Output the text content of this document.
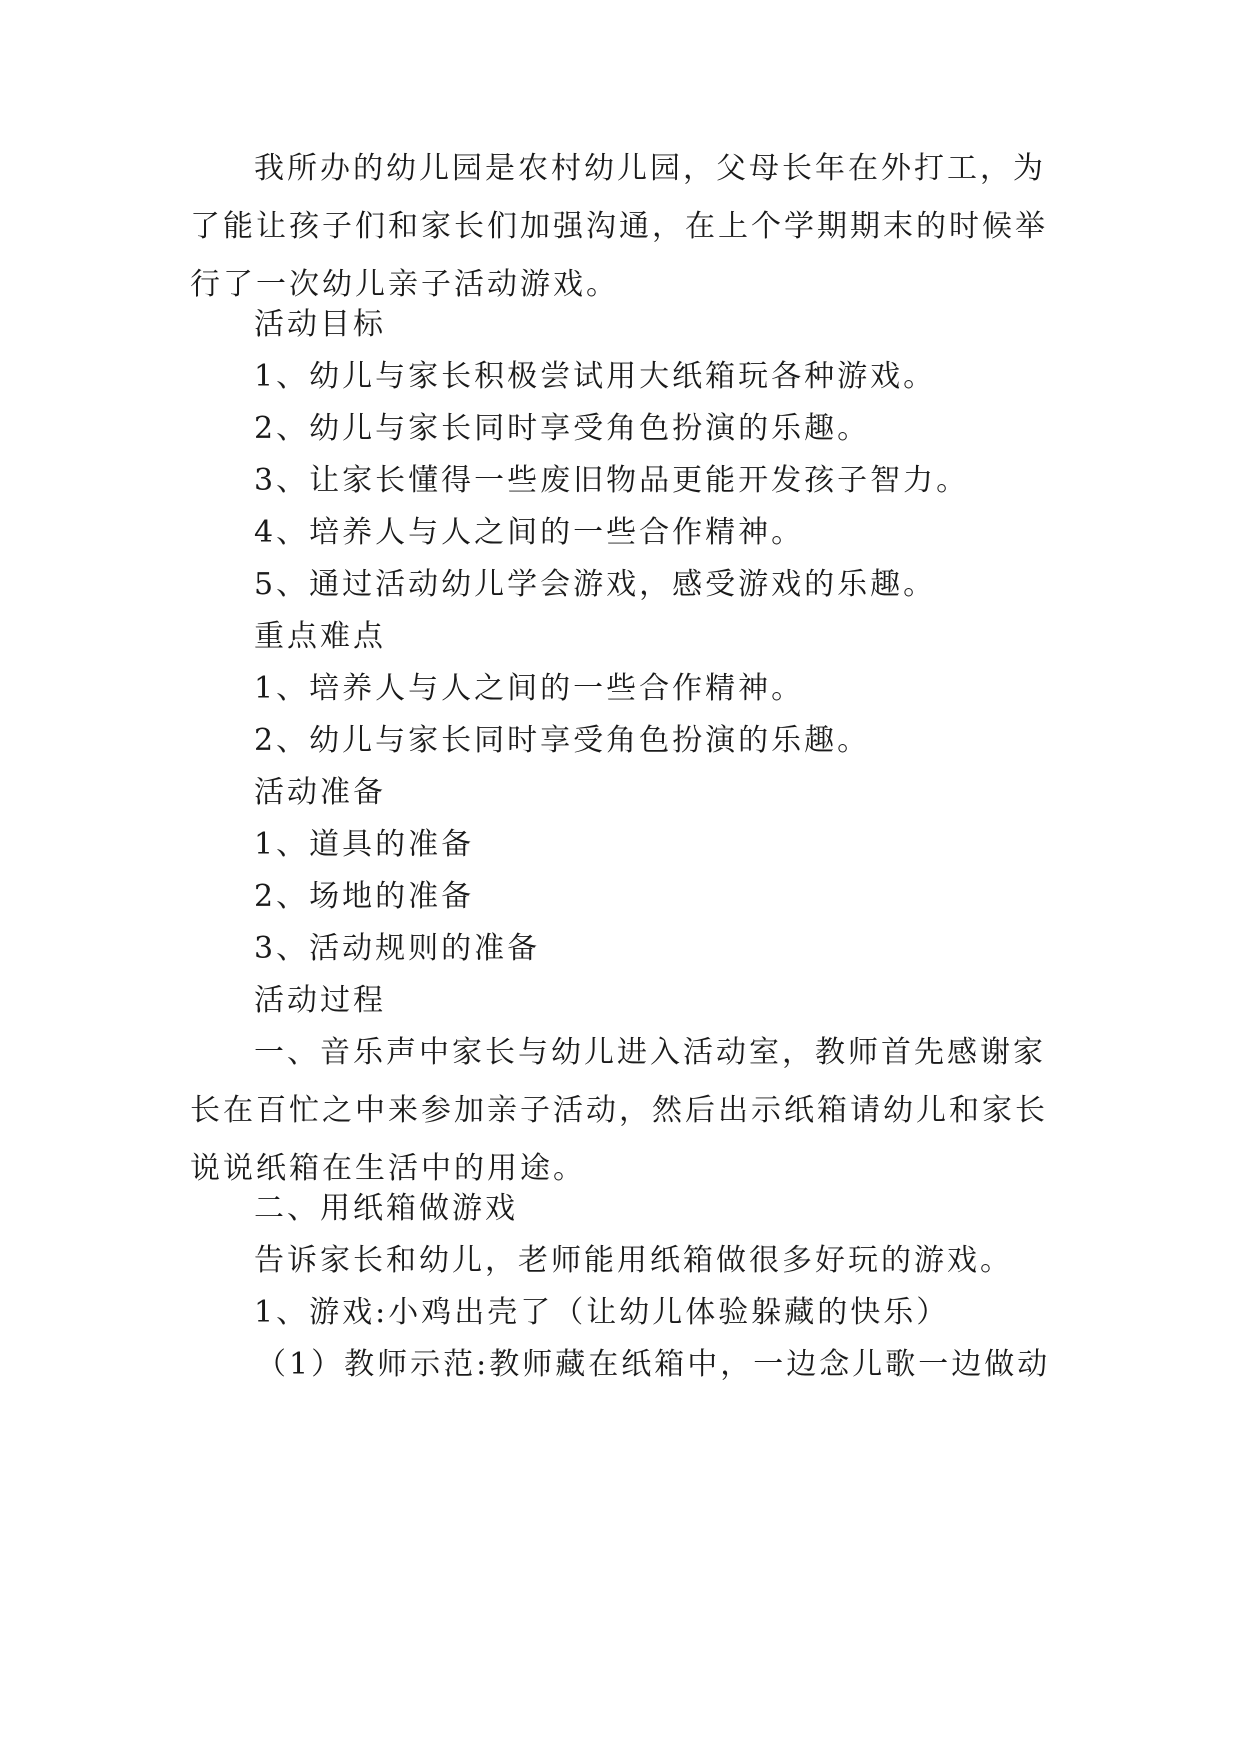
我所办的幼儿园是农村幼儿园，父母长年在外打工，为了能让孩子们和家长们加强沟通，在上个学期期末的时候举行了一次幼儿亲子活动游戏。

活动目标

1、幼儿与家长积极尝试用大纸箱玩各种游戏。

2、幼儿与家长同时享受角色扮演的乐趣。

3、让家长懂得一些废旧物品更能开发孩子智力。

4、培养人与人之间的一些合作精神。

5、通过活动幼儿学会游戏，感受游戏的乐趣。

重点难点

1、培养人与人之间的一些合作精神。

2、幼儿与家长同时享受角色扮演的乐趣。

活动准备

1、道具的准备

2、场地的准备

3、活动规则的准备

活动过程

一、音乐声中家长与幼儿进入活动室，教师首先感谢家长在百忙之中来参加亲子活动，然后出示纸箱请幼儿和家长说说纸箱在生活中的用途。

二、用纸箱做游戏

告诉家长和幼儿，老师能用纸箱做很多好玩的游戏。

1、游戏:小鸡出壳了（让幼儿体验躲藏的快乐）

（1）教师示范:教师藏在纸箱中，一边念儿歌一边做动
